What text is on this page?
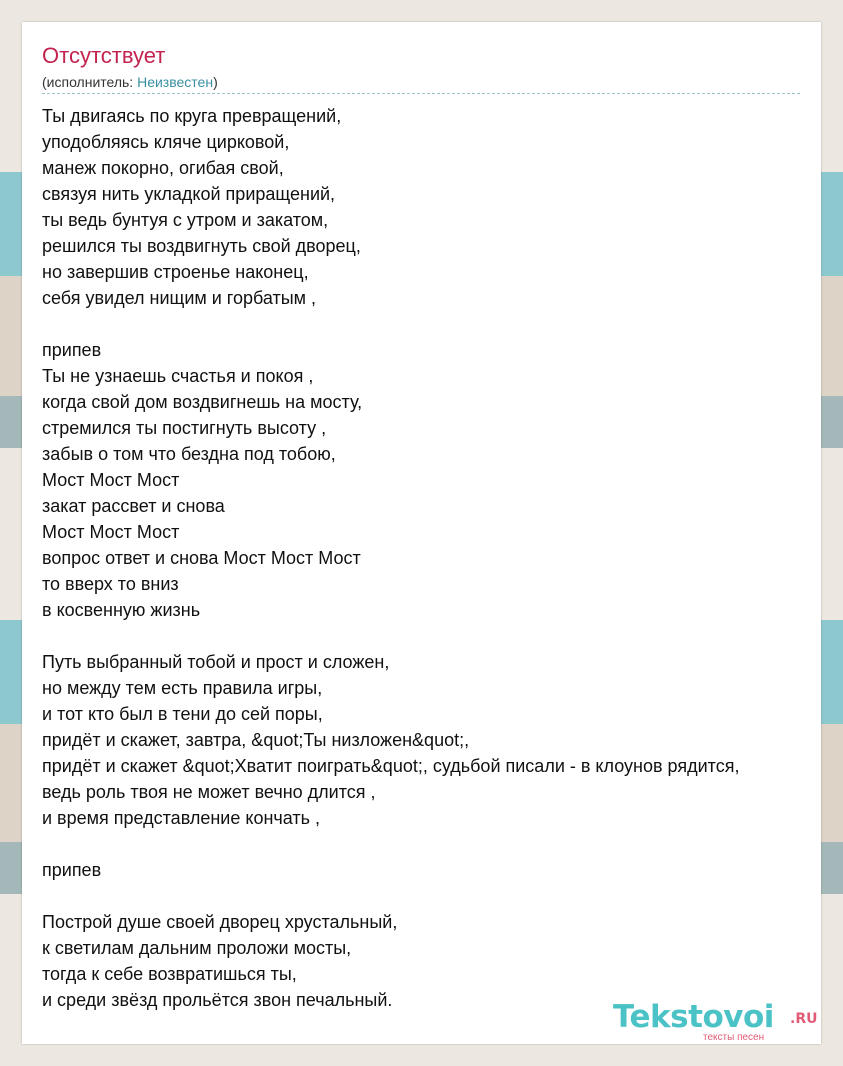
Отсутствует
(исполнитель: Неизвестен)
Ты двигаясь по круга превращений,
уподобляясь кляче цирковой,
манеж покорно, огибая свой,
связуя нить укладкой приращений,
ты ведь бунтуя с утром и закатом,
решился ты воздвигнуть свой дворец,
но завершив строенье наконец,
себя увидел нищим и горбатым ,
припев
Ты не узнаешь счастья и покоя ,
когда свой дом воздвигнешь на мосту,
стремился ты постигнуть высоту ,
забыв о том что бездна под тобою,
Мост Мост Мост
закат рассвет и снова
Мост Мост Мост
вопрос ответ и снова Мост Мост Мост
то вверх то вниз
в косвенную жизнь
Путь выбранный тобой и прост и сложен,
но между тем есть правила игры,
и тот кто был в тени до сей поры,
придёт и скажет, завтра, &quot;Ты низложен&quot;,
придёт и скажет &quot;Хватит поиграть&quot;, судьбой писали - в клоунов рядится,
ведь роль твоя не может вечно длится ,
и время представление кончать ,
припев
Построй душе своей дворец хрустальный,
к светилам дальним проложи мосты,
тогда к себе возвратишься ты,
и среди звёзд прольётся звон печальный.	Tekstovoi .RU
тексты песен
